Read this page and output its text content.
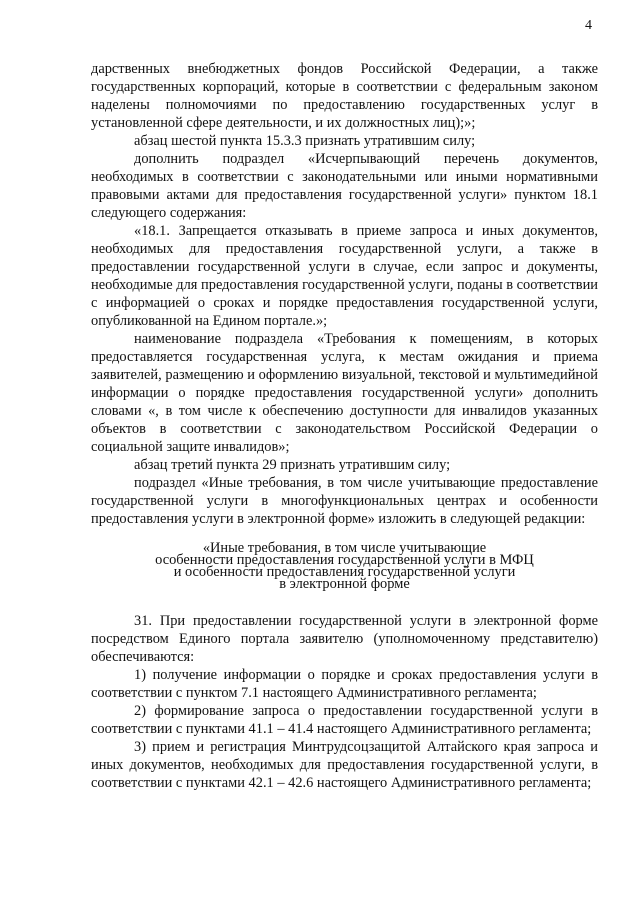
4

дарственных внебюджетных фондов Российской Федерации, а также государственных корпораций, которые в соответствии с федеральным законом наделены полномочиями по предоставлению государственных услуг в установленной сфере деятельности, и их должностных лиц);»;

абзац шестой пункта 15.3.3 признать утратившим силу;

дополнить подраздел «Исчерпывающий перечень документов, необходимых в соответствии с законодательными или иными нормативными правовыми актами для предоставления государственной услуги» пунктом 18.1 следующего содержания:

«18.1. Запрещается отказывать в приеме запроса и иных документов, необходимых для предоставления государственной услуги, а также в предоставлении государственной услуги в случае, если запрос и документы, необходимые для предоставления государственной услуги, поданы в соответствии с информацией о сроках и порядке предоставления государственной услуги, опубликованной на Едином портале.»;

наименование подраздела «Требования к помещениям, в которых предоставляется государственная услуга, к местам ожидания и приема заявителей, размещению и оформлению визуальной, текстовой и мультимедийной информации о порядке предоставления государственной услуги» дополнить словами «, в том числе к обеспечению доступности для инвалидов указанных объектов в соответствии с законодательством Российской Федерации о социальной защите инвалидов»;

абзац третий пункта 29 признать утратившим силу;

подраздел «Иные требования, в том числе учитывающие предоставление государственной услуги в многофункциональных центрах и особенности предоставления услуги в электронной форме» изложить в следующей редакции:

«Иные требования, в том числе учитывающие

особенности предоставления государственной услуги в МФЦ

и особенности предоставления государственной услуги

в электронной форме

31. При предоставлении государственной услуги в электронной форме посредством Единого портала заявителю (уполномоченному представителю) обеспечиваются:

1) получение информации о порядке и сроках предоставления услуги в соответствии с пунктом 7.1 настоящего Административного регламента;

2) формирование запроса о предоставлении государственной услуги в соответствии с пунктами 41.1 – 41.4 настоящего Административного регламента;

3) прием и регистрация Минтрудсоцзащитой Алтайского края запроса и иных документов, необходимых для предоставления государственной услуги, в соответствии с пунктами 42.1 – 42.6 настоящего Административного регламента;
